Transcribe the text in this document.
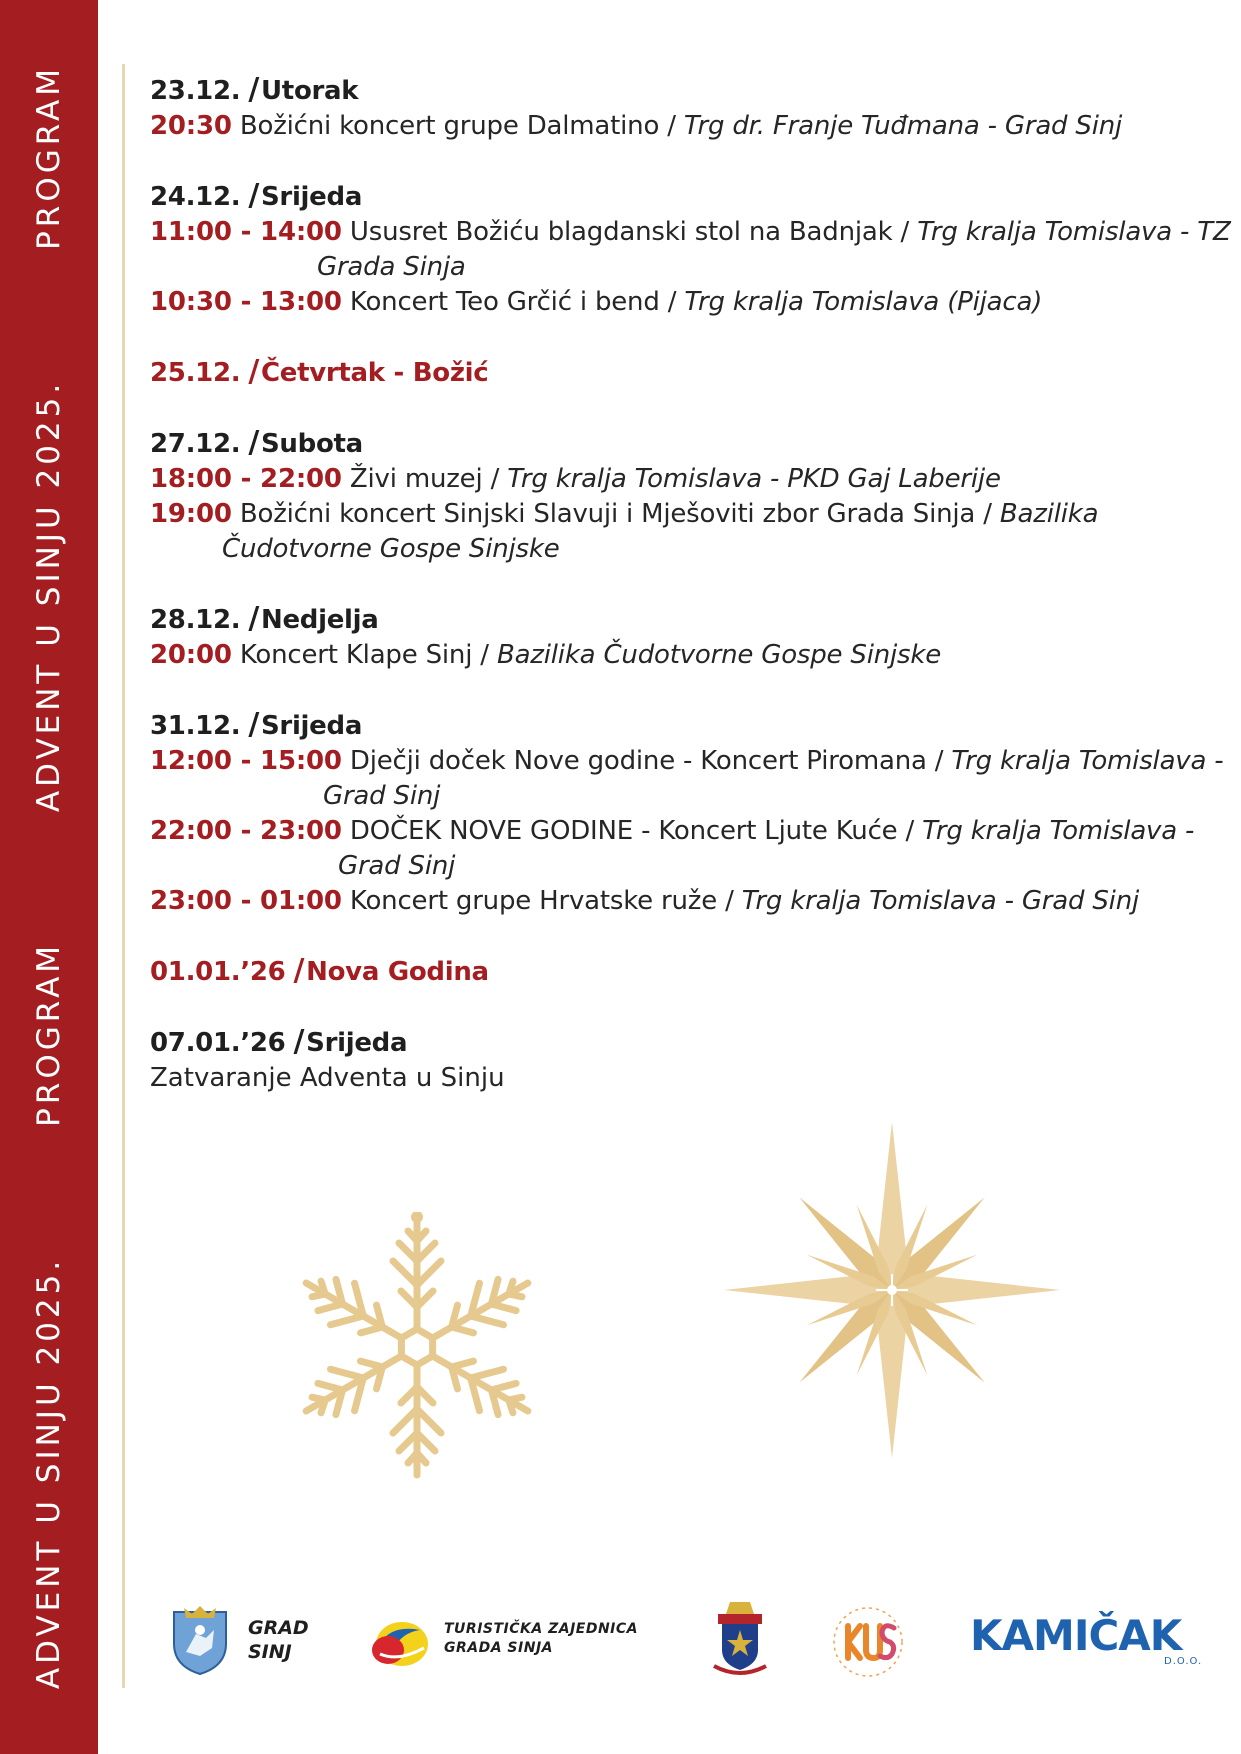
ADVENT U SINJU 2025.
PROGRAM
ADVENT U SINJU 2025.
PROGRAM	23.12. /Utorak
20:30 Božićni koncert grupe Dalmatino / Trg dr. Franje Tuđmana - Grad Sinj
24.12. /Srijeda
11:00 - 14:00 Ususret Božiću blagdanski stol na Badnjak / Trg kralja Tomislava - TZ Grada Sinja
10:30 - 13:00 Koncert Teo Grčić i bend / Trg kralja Tomislava (Pijaca)
25.12. /Četvrtak - Božić
27.12. /Subota
18:00 - 22:00 Živi muzej / Trg kralja Tomislava - PKD Gaj Laberije
19:00 Božićni koncert Sinjski Slavuji i Mješoviti zbor Grada Sinja / Bazilika Čudotvorne Gospe Sinjske
28.12. /Nedjelja
20:00 Koncert Klape Sinj / Bazilika Čudotvorne Gospe Sinjske
31.12. /Srijeda
12:00 - 15:00 Dječji doček Nove godine - Koncert Piromana / Trg kralja Tomislava - Grad Sinj
22:00 - 23:00 DOČEK NOVE GODINE - Koncert Ljute Kuće / Trg kralja Tomislava - Grad Sinj
23:00 - 01:00 Koncert grupe Hrvatske ruže / Trg kralja Tomislava - Grad Sinj
01.01.’26 /Nova Godina
07.01.’26 /Srijeda
Zatvaranje Adventa u Sinju
GRAD
SINJ
TURISTIČKA ZAJEDNICA
GRADA SINJA	KAMIČAK
D.O.O.
